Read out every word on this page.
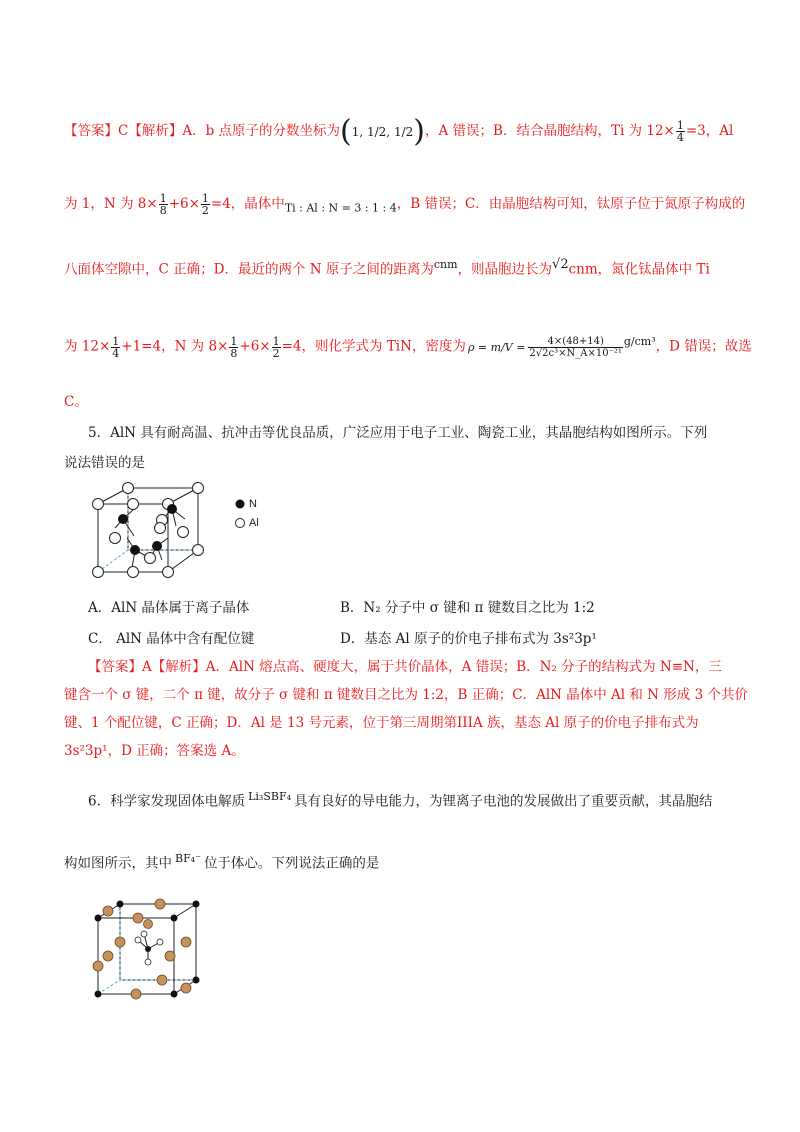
【答案】C【解析】A．b 点原子的分数坐标为(1, 1/2, 1/2)，A 错误；B．结合晶胞结构，Ti 为 $12\times \frac{1}{4} =3$，Al
为 1，N 为 $8\times \frac{1}{8} +6\times \frac{1}{2} =4$，晶体中$_{Ti : Al : N = 3 : 1 : 4}$，B 错误；C．由晶胞结构可知，钛原子位于氮原子构成的
八面体空隙中，C 正确；D．最近的两个 N 原子之间的距离为$^{cnm}$，则晶胞边长为√2cnm，氮化钛晶体中 Ti
为 $12\times \frac{1}{4} +1=4$，N 为 $8\times \frac{1}{8} +6\times \frac{1}{2} =4$，则化学式为 TiN，密度为 $\rho = m/V = \frac{4\times(48+14)}{\text{2√2c³×N\_A×10⁻²¹}} ^{g/cm^3}$，D 错误；故选
C。
5．AlN 具有耐高温、抗冲击等优良品质，广泛应用于电子工业、陶瓷工业，其晶胞结构如图所示。下列
说法错误的是
N
Al
A．AlN 晶体属于离子晶体	B．N₂ 分子中 σ 键和 π 键数目之比为 1:2
C． AlN 晶体中含有配位键	D．基态 Al 原子的价电子排布式为 3s²3p¹
【答案】A【解析】A．AlN 熔点高、硬度大，属于共价晶体，A 错误；B．N₂ 分子的结构式为 N≡N，三
键含一个 σ 键，二个 π 键，故分子 σ 键和 π 键数目之比为 1:2，B 正确；C．AlN 晶体中 Al 和 N 形成 3 个共价
键、1 个配位键，C 正确；D．Al 是 13 号元素，位于第三周期第IIIA 族，基态 Al 原子的价电子排布式为
3s²3p¹，D 正确；答案选 A。
6．科学家发现固体电解质 $^{Li_3SBF_4}$ 具有良好的导电能力，为锂离子电池的发展做出了重要贡献，其晶胞结
构如图所示，其中 $^{BF_4^-}$ 位于体心。下列说法正确的是
